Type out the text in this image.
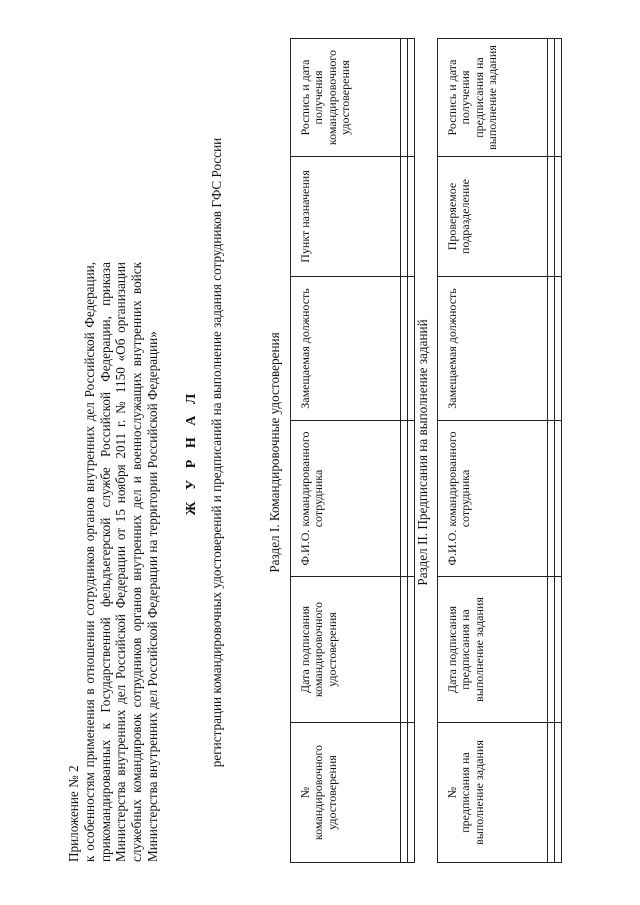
Приложение № 2 к особенностям применения в отношении сотрудников органов внутренних дел Российской Федерации, прикомандированных к Государственной фельдъегерской службе Российской Федерации, приказа Министерства внутренних дел Российской Федерации от 15 ноября 2011 г. № 1150 «Об организации служебных командировок сотрудников органов внутренних дел и военнослужащих внутренних войск Министерства внутренних дел Российской Федерации на территории Российской Федерации» Ж У Р Н А Л регистрации командировочных удостоверений и предписаний на выполнение задания сотрудников ГФС России	Раздел I. Командировочные удостоверения
№ командировочного удостоверения	Дата подписания командировочного удостоверения	Ф.И.О. командированного сотрудника	Замещаемая должность	Пункт назначения	Роспись и дата получения командировочного удостоверения

Раздел II. Предписания на выполнение заданий
№ предписания на выполнение задания	Дата подписания предписания на выполнение задания	Ф.И.О. командированного сотрудника	Замещаемая должность	Проверяемое подразделение	Роспись и дата получения предписания на выполнение задания
